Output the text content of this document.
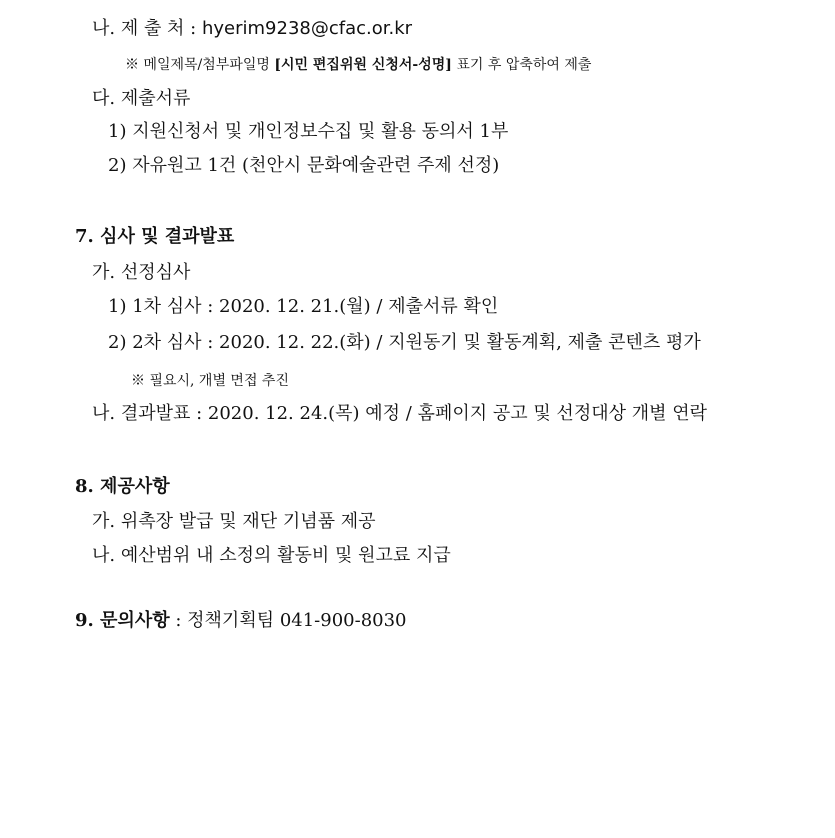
나. 제 출 처 : hyerim9238@cfac.or.kr
※ 메일제목/첨부파일명 [시민 편집위원 신청서-성명] 표기 후 압축하여 제출
다. 제출서류
1) 지원신청서 및 개인정보수집 및 활용 동의서 1부
2) 자유원고 1건 (천안시 문화예술관련 주제 선정)
7. 심사 및 결과발표
가. 선정심사
1) 1차 심사 : 2020. 12. 21.(월) / 제출서류 확인
2) 2차 심사 : 2020. 12. 22.(화) / 지원동기 및 활동계획, 제출 콘텐츠 평가
※ 필요시, 개별 면접 추진
나. 결과발표 : 2020. 12. 24.(목) 예정 / 홈페이지 공고 및 선정대상 개별 연락
8. 제공사항
가. 위촉장 발급 및 재단 기념품 제공
나. 예산범위 내 소정의 활동비 및 원고료 지급
9. 문의사항 : 정책기획팀 041-900-8030
